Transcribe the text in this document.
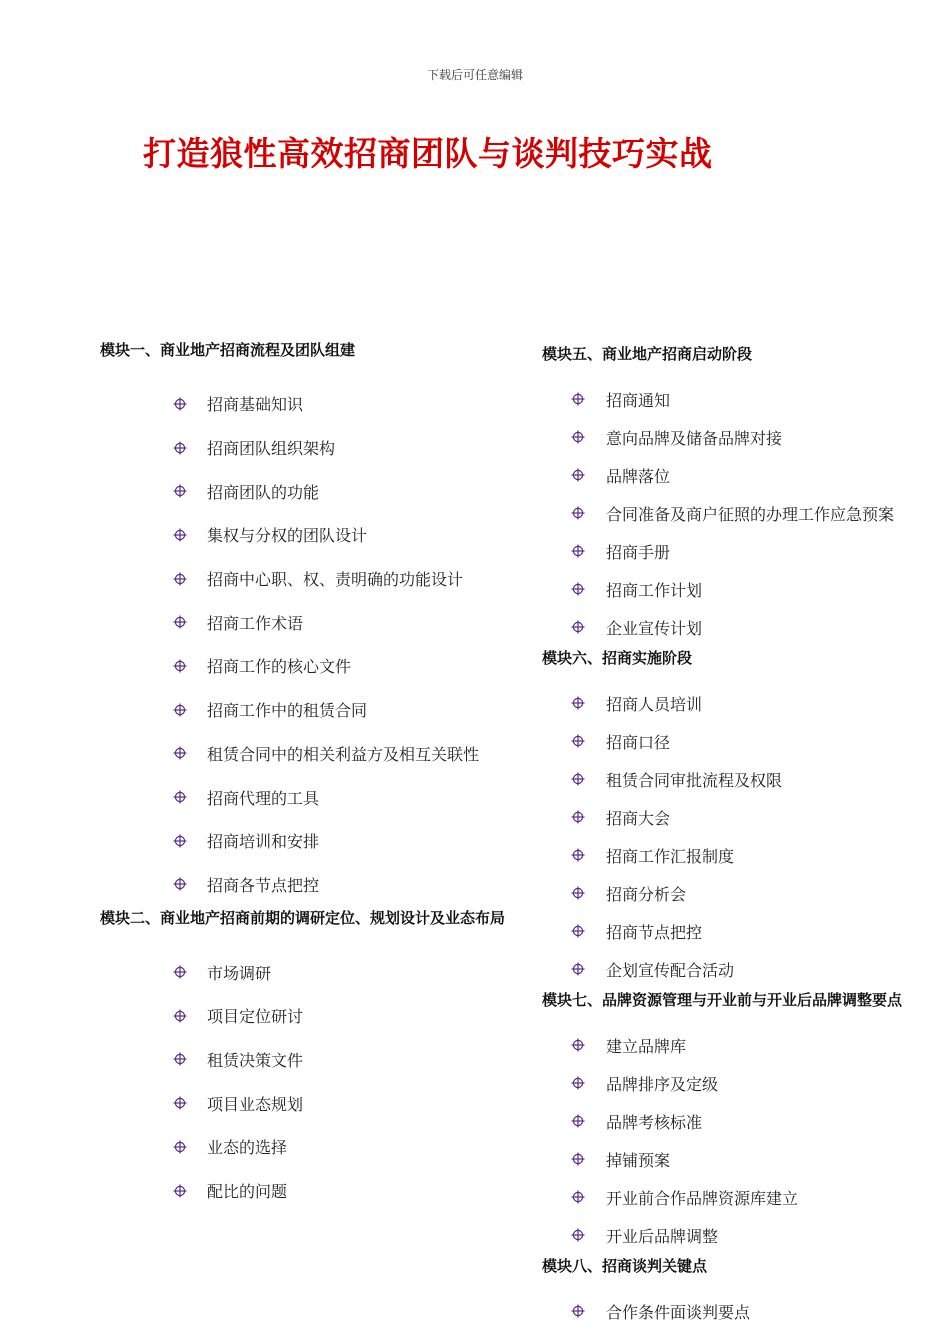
下载后可任意编辑
打造狼性高效招商团队与谈判技巧实战
模块一、商业地产招商流程及团队组建
招商基础知识
招商团队组织架构
招商团队的功能
集权与分权的团队设计
招商中心职、权、责明确的功能设计
招商工作术语
招商工作的核心文件
招商工作中的租赁合同
租赁合同中的相关利益方及相互关联性
招商代理的工具
招商培训和安排
招商各节点把控
模块二、商业地产招商前期的调研定位、规划设计及业态布局
市场调研
项目定位研讨
租赁决策文件
项目业态规划
业态的选择
配比的问题
模块五、商业地产招商启动阶段
招商通知
意向品牌及储备品牌对接
品牌落位
合同准备及商户征照的办理工作应急预案
招商手册
招商工作计划
企业宣传计划
模块六、招商实施阶段
招商人员培训
招商口径
租赁合同审批流程及权限
招商大会
招商工作汇报制度
招商分析会
招商节点把控
企划宣传配合活动
模块七、品牌资源管理与开业前与开业后品牌调整要点
建立品牌库
品牌排序及定级
品牌考核标准
掉铺预案
开业前合作品牌资源库建立
开业后品牌调整
模块八、招商谈判关键点
合作条件面谈判要点
